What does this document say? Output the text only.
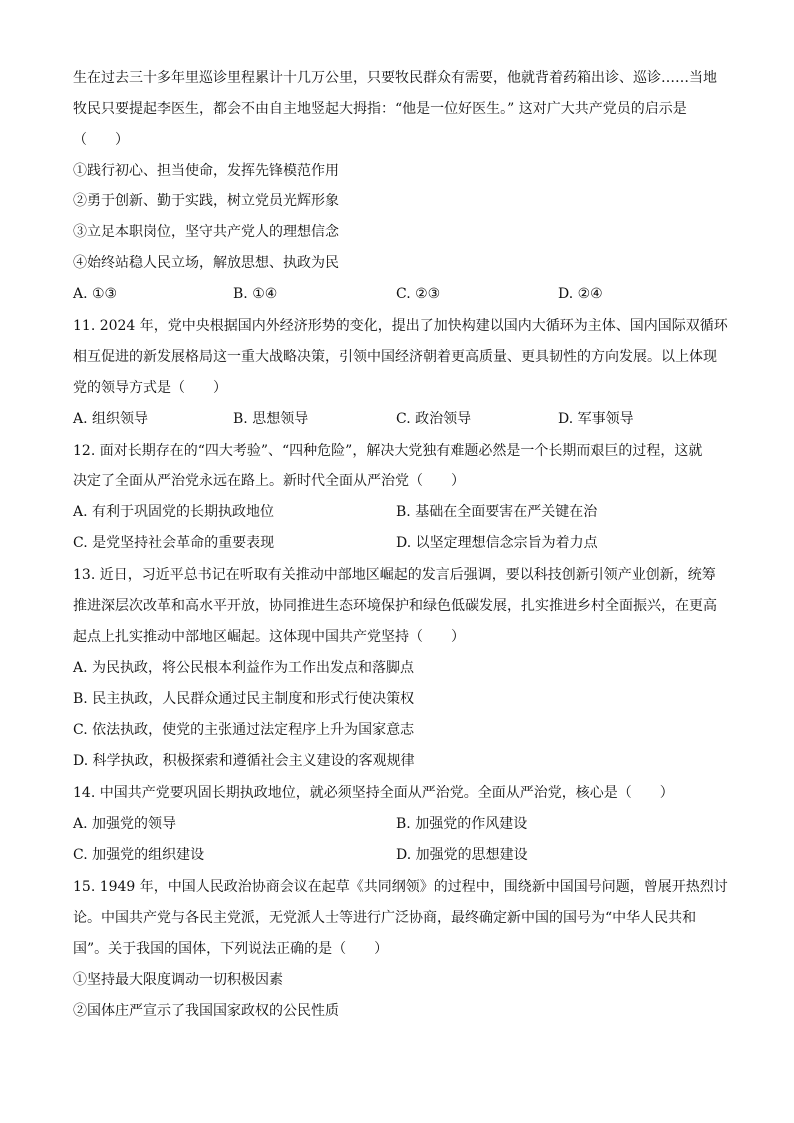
生在过去三十多年里巡诊里程累计十几万公里，只要牧民群众有需要，他就背着药箱出诊、巡诊……当地
牧民只要提起李医生，都会不由自主地竖起大拇指：“他是一位好医生。” 这对广大共产党员的启示是
（　　）
①践行初心、担当使命，发挥先锋模范作用
②勇于创新、勤于实践，树立党员光辉形象
③立足本职岗位，坚守共产党人的理想信念
④始终站稳人民立场，解放思想、执政为民
A. ①③	B. ①④	C. ②③	D. ②④
11. 2024 年，党中央根据国内外经济形势的变化，提出了加快构建以国内大循环为主体、国内国际双循环
相互促进的新发展格局这一重大战略决策，引领中国经济朝着更高质量、更具韧性的方向发展。以上体现
党的领导方式是（　　）
A. 组织领导	B. 思想领导	C. 政治领导	D. 军事领导
12. 面对长期存在的“四大考验”、“四种危险”，解决大党独有难题必然是一个长期而艰巨的过程，这就
决定了全面从严治党永远在路上。新时代全面从严治党（　　）
A. 有利于巩固党的长期执政地位	B. 基础在全面要害在严关键在治
C. 是党坚持社会革命的重要表现	D. 以坚定理想信念宗旨为着力点
13. 近日，习近平总书记在听取有关推动中部地区崛起的发言后强调，要以科技创新引领产业创新，统筹
推进深层次改革和高水平开放，协同推进生态环境保护和绿色低碳发展，扎实推进乡村全面振兴，在更高
起点上扎实推动中部地区崛起。这体现中国共产党坚持（　　）
A. 为民执政，将公民根本利益作为工作出发点和落脚点
B. 民主执政，人民群众通过民主制度和形式行使决策权
C. 依法执政，使党的主张通过法定程序上升为国家意志
D. 科学执政，积极探索和遵循社会主义建设的客观规律
14. 中国共产党要巩固长期执政地位，就必须坚持全面从严治党。全面从严治党，核心是（　　）
A. 加强党的领导	B. 加强党的作风建设
C. 加强党的组织建设	D. 加强党的思想建设
15. 1949 年，中国人民政治协商会议在起草《共同纲领》的过程中，围绕新中国国号问题，曾展开热烈讨
论。中国共产党与各民主党派，无党派人士等进行广泛协商，最终确定新中国的国号为“中华人民共和
国”。关于我国的国体，下列说法正确的是（　　）
①坚持最大限度调动一切积极因素
②国体庄严宣示了我国国家政权的公民性质
